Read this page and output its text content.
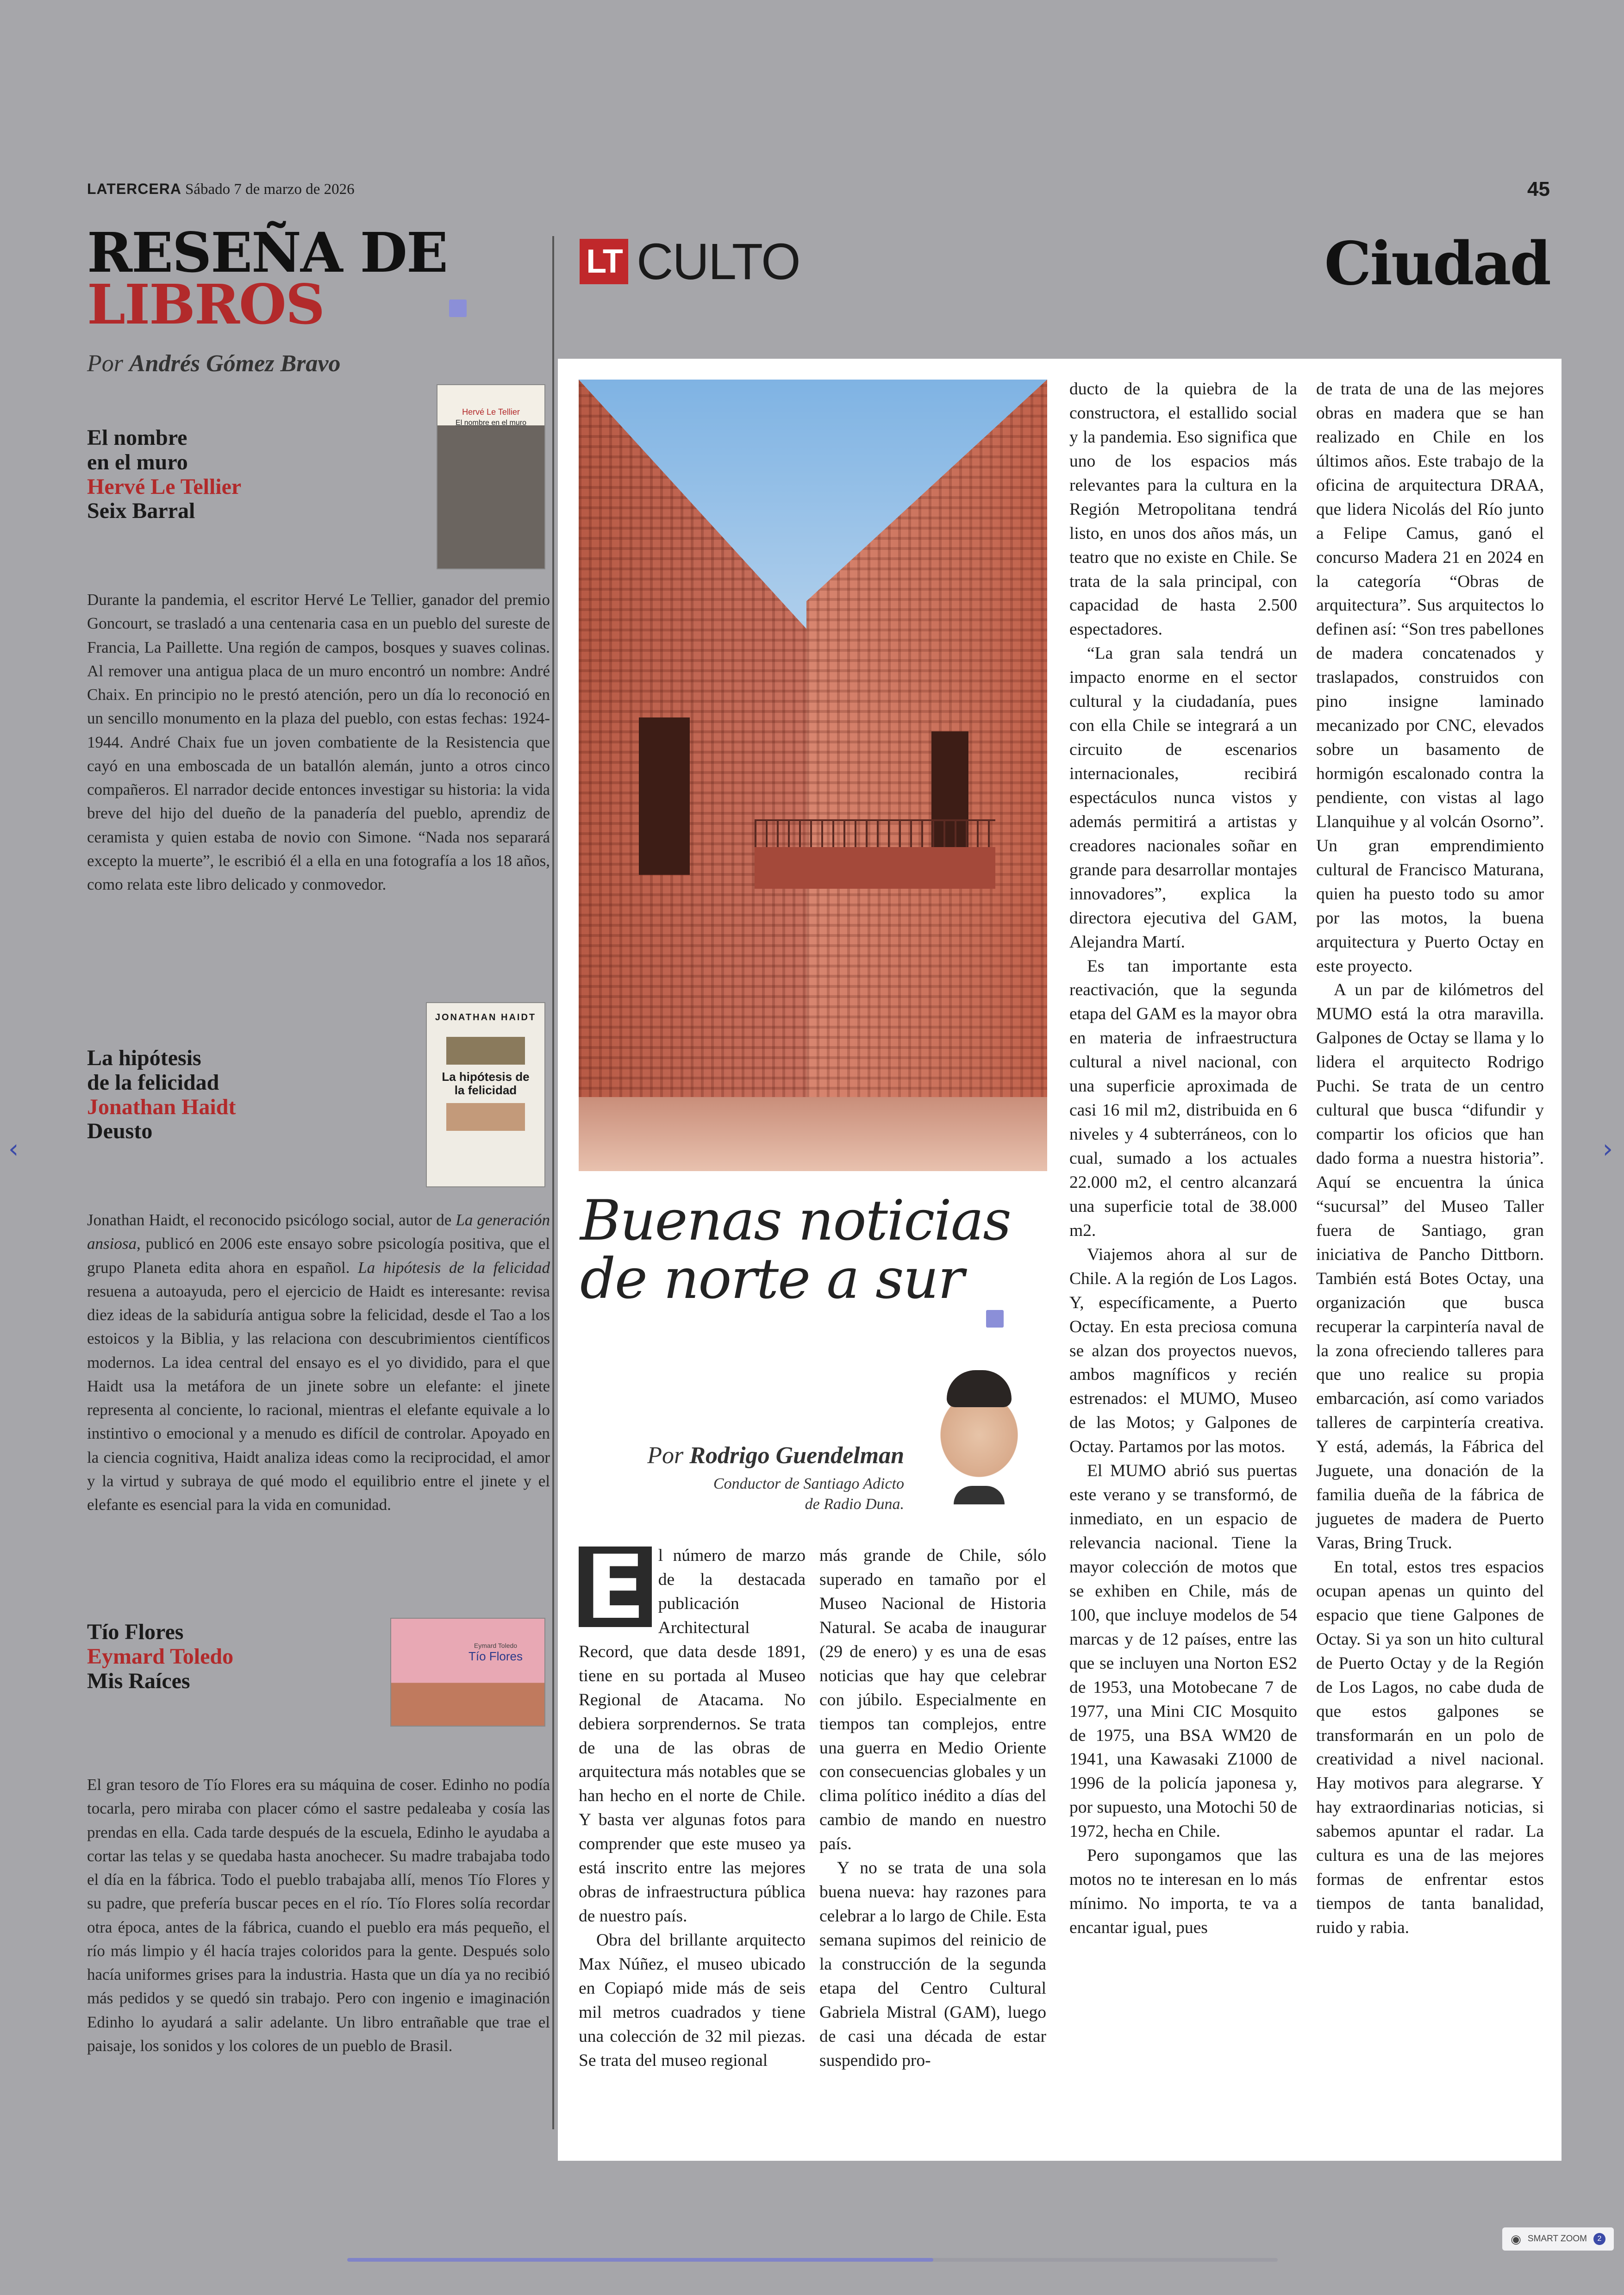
LATERCERA Sábado 7 de marzo de 2026	45
RESEÑA DE
LIBROS
Por Andrés Gómez Bravo
El nombre
en el muro
Hervé Le Tellier
Seix Barral
Hervé Le Tellier
El nombre en el muro
Durante la pandemia, el escritor Hervé Le Tellier, ganador del premio Goncourt, se trasladó a una centenaria casa en un pueblo del sureste de Francia, La Paillette. Una región de campos, bosques y suaves colinas. Al remover una antigua placa de un muro encontró un nombre: André Chaix. En principio no le prestó atención, pero un día lo reconoció en un sencillo monumento en la plaza del pueblo, con estas fechas: 1924-1944. André Chaix fue un joven combatiente de la Resistencia que cayó en una emboscada de un batallón alemán, junto a otros cinco compañeros. El narrador decide entonces investigar su historia: la vida breve del hijo del dueño de la panadería del pueblo, aprendiz de ceramista y quien estaba de novio con Simone. “Nada nos separará excepto la muerte”, le escribió él a ella en una fotografía a los 18 años, como relata este libro delicado y conmovedor.
La hipótesis
de la felicidad
Jonathan Haidt
Deusto
JONATHAN HAIDT
La hipótesis de la felicidad
Jonathan Haidt, el reconocido psicólogo social, autor de La generación ansiosa, publicó en 2006 este ensayo sobre psicología positiva, que el grupo Planeta edita ahora en español. La hipótesis de la felicidad resuena a autoayuda, pero el ejercicio de Haidt es interesante: revisa diez ideas de la sabiduría antigua sobre la felicidad, desde el Tao a los estoicos y la Biblia, y las relaciona con descubrimientos científicos modernos. La idea central del ensayo es el yo dividido, para el que Haidt usa la metáfora de un jinete sobre un elefante: el jinete representa al conciente, lo racional, mientras el elefante equivale a lo instintivo o emocional y a menudo es difícil de controlar. Apoyado en la ciencia cognitiva, Haidt analiza ideas como la reciprocidad, el amor y la virtud y subraya de qué modo el equilibrio entre el jinete y el elefante es esencial para la vida en comunidad.
Tío Flores
Eymard Toledo
Mis Raíces
Eymard Toledo
Tío Flores
El gran tesoro de Tío Flores era su máquina de coser. Edinho no podía tocarla, pero miraba con placer cómo el sastre pedaleaba y cosía las prendas en ella. Cada tarde después de la escuela, Edinho le ayudaba a cortar las telas y se quedaba hasta anochecer. Su madre trabajaba todo el día en la fábrica. Todo el pueblo trabajaba allí, menos Tío Flores y su padre, que prefería buscar peces en el río. Tío Flores solía recordar otra época, antes de la fábrica, cuando el pueblo era más pequeño, el río más limpio y él hacía trajes coloridos para la gente. Después solo hacía uniformes grises para la industria. Hasta que un día ya no recibió más pedidos y se quedó sin trabajo. Pero con ingenio e imaginación Edinho lo ayudará a salir adelante. Un libro entrañable que trae el paisaje, los sonidos y los colores de un pueblo de Brasil.
LT CULTO	Ciudad
Buenas noticias
de norte a sur
Por Rodrigo Guendelman
Conductor de Santiago Adicto
de Radio Duna.

E l número de marzo de la destacada publicación Architectural Record, que data desde 1891, tiene en su portada al Museo Regional de Atacama. No debiera sorprendernos. Se trata de una de las obras de arquitectura más notables que se han hecho en el norte de Chile. Y basta ver algunas fotos para comprender que este museo ya está inscrito entre las mejores obras de infraestructura pública de nuestro país.

Obra del brillante arquitecto Max Núñez, el museo ubicado en Copiapó mide más de seis mil metros cuadrados y tiene una colección de 32 mil piezas. Se trata del museo regional

más grande de Chile, sólo superado en tamaño por el Museo Nacional de Historia Natural. Se acaba de inaugurar (29 de enero) y es una de esas noticias que hay que celebrar con júbilo. Especialmente en tiempos tan complejos, entre una guerra en Medio Oriente con consecuencias globales y un clima político inédito a días del cambio de mando en nuestro país.

Y no se trata de una sola buena nueva: hay razones para celebrar a lo largo de Chile. Esta semana supimos del reinicio de la construcción de la segunda etapa del Centro Cultural Gabriela Mistral (GAM), luego de casi una década de estar suspendido pro-

ducto de la quiebra de la constructora, el estallido social y la pandemia. Eso significa que uno de los espacios más relevantes para la cultura en la Región Metropolitana tendrá listo, en unos dos años más, un teatro que no existe en Chile. Se trata de la sala principal, con capacidad de hasta 2.500 espectadores.

“La gran sala tendrá un impacto enorme en el sector cultural y la ciudadanía, pues con ella Chile se integrará a un circuito de escenarios internacionales, recibirá espectáculos nunca vistos y además permitirá a artistas y creadores nacionales soñar en grande para desarrollar montajes innovadores”, explica la directora ejecutiva del GAM, Alejandra Martí.

Es tan importante esta reactivación, que la segunda etapa del GAM es la mayor obra en materia de infraestructura cultural a nivel nacional, con una superficie aproximada de casi 16 mil m2, distribuida en 6 niveles y 4 subterráneos, con lo cual, sumado a los actuales 22.000 m2, el centro alcanzará una superficie total de 38.000 m2.

Viajemos ahora al sur de Chile. A la región de Los Lagos. Y, específicamente, a Puerto Octay. En esta preciosa comuna se alzan dos proyectos nuevos, ambos magníficos y recién estrenados: el MUMO, Museo de las Motos; y Galpones de Octay. Partamos por las motos.

El MUMO abrió sus puertas este verano y se transformó, de inmediato, en un espacio de relevancia nacional. Tiene la mayor colección de motos que se exhiben en Chile, más de 100, que incluye modelos de 54 marcas y de 12 países, entre las que se incluyen una Norton ES2 de 1953, una Motobecane 7 de 1977, una Mini CIC Mosquito de 1975, una BSA WM20 de 1941, una Kawasaki Z1000 de 1996 de la policía japonesa y, por supuesto, una Motochi 50 de 1972, hecha en Chile.

Pero supongamos que las motos no te interesan en lo más mínimo. No importa, te va a encantar igual, pues

de trata de una de las mejores obras en madera que se han realizado en Chile en los últimos años. Este trabajo de la oficina de arquitectura DRAA, que lidera Nicolás del Río junto a Felipe Camus, ganó el concurso Madera 21 en 2024 en la categoría “Obras de arquitectura”. Sus arquitectos lo definen así: “Son tres pabellones de madera concatenados y traslapados, construidos con pino insigne laminado mecanizado por CNC, elevados sobre un basamento de hormigón escalonado contra la pendiente, con vistas al lago Llanquihue y al volcán Osorno”. Un gran emprendimiento cultural de Francisco Maturana, quien ha puesto todo su amor por las motos, la buena arquitectura y Puerto Octay en este proyecto.

A un par de kilómetros del MUMO está la otra maravilla. Galpones de Octay se llama y lo lidera el arquitecto Rodrigo Puchi. Se trata de un centro cultural que busca “difundir y compartir los oficios que han dado forma a nuestra historia”. Aquí se encuentra la única “sucursal” del Museo Taller fuera de Santiago, gran iniciativa de Pancho Dittborn. También está Botes Octay, una organización que busca recuperar la carpintería naval de la zona ofreciendo talleres para que uno realice su propia embarcación, así como variados talleres de carpintería creativa. Y está, además, la Fábrica del Juguete, una donación de la familia dueña de la fábrica de juguetes de madera de Puerto Varas, Bring Truck.

En total, estos tres espacios ocupan apenas un quinto del espacio que tiene Galpones de Octay. Si ya son un hito cultural de Puerto Octay y de la Región de Los Lagos, no cabe duda de que estos galpones se transformarán en un polo de creatividad a nivel nacional. Hay motivos para alegrarse. Y hay extraordinarias noticias, si sabemos apuntar el radar. La cultura es una de las mejores formas de enfrentar estos tiempos de tanta banalidad, ruido y rabia.

‹	›
◉ SMART ZOOM	2
